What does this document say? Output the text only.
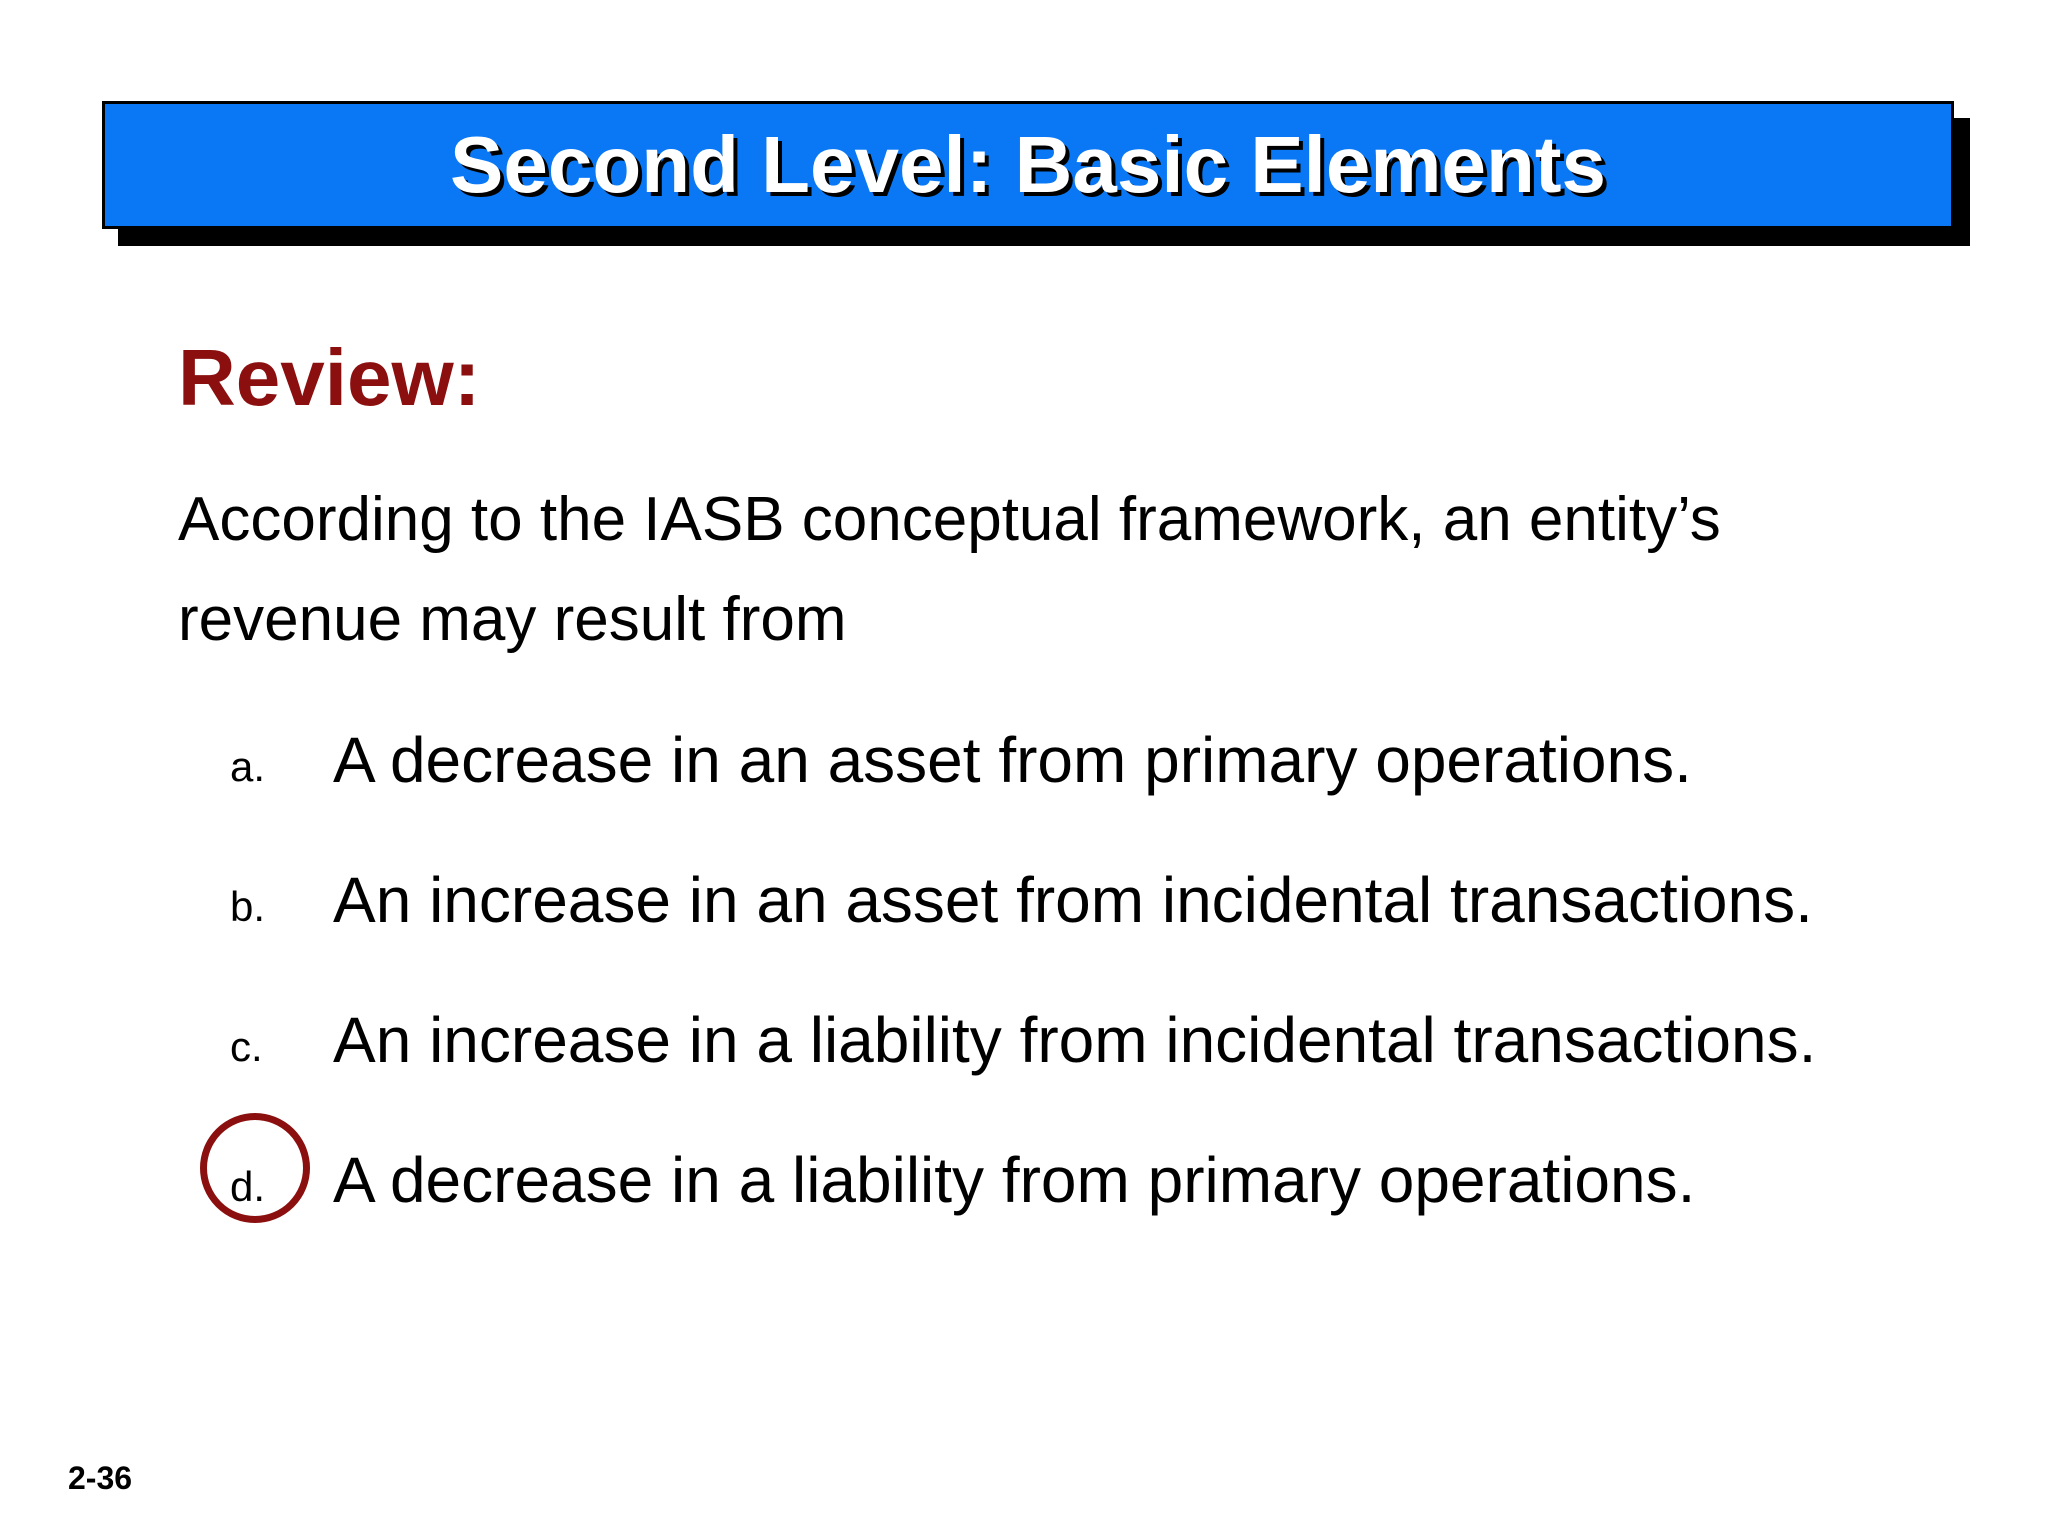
Second Level: Basic Elements
Review:
According to the IASB conceptual framework, an entity’s revenue may result from
a. A decrease in an asset from primary operations.
b. An increase in an asset from incidental transactions.
c. An increase in a liability from incidental transactions.
d. A decrease in a liability from primary operations.
2-36
